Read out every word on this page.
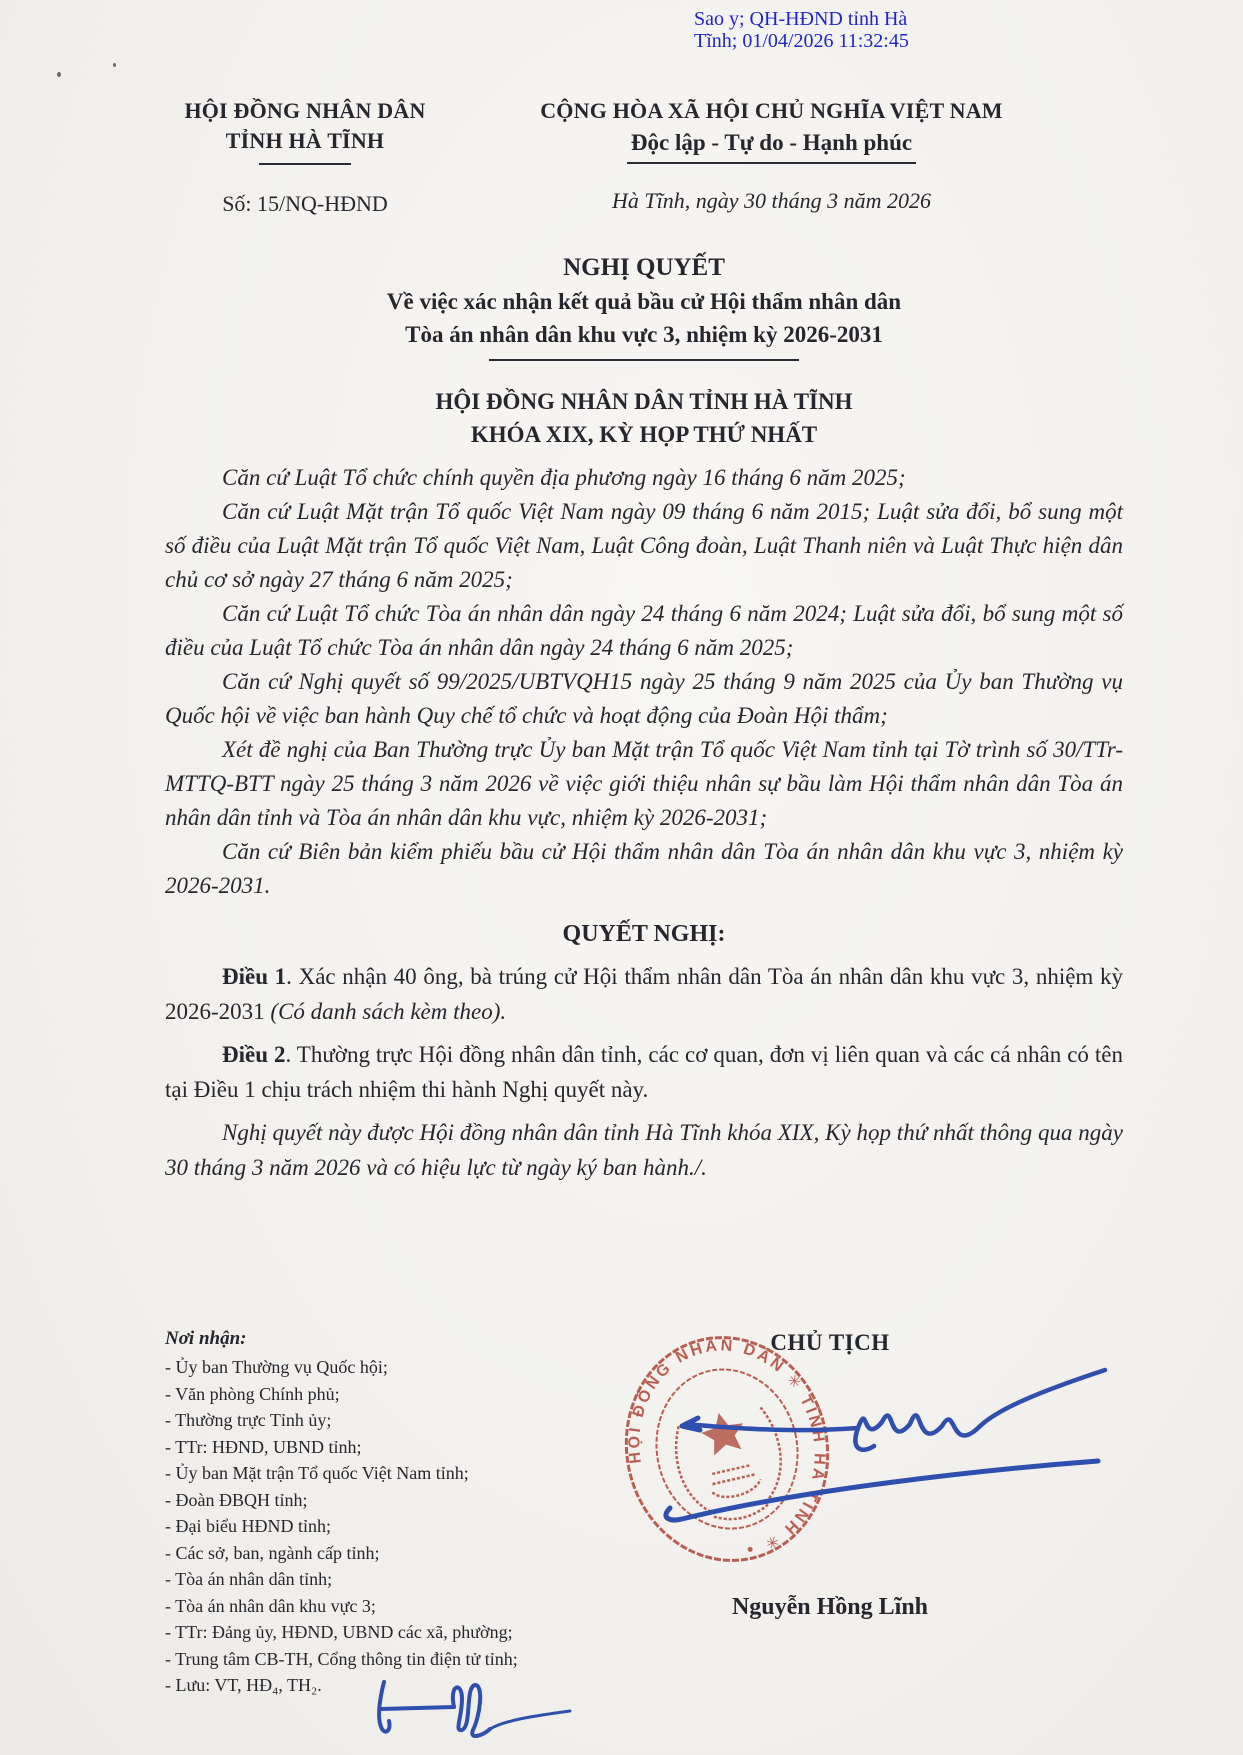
Sao y; QH-HĐND tỉnh Hà
Tĩnh; 01/04/2026 11:32:45
HỘI ĐỒNG NHÂN DÂN
TỈNH HÀ TĨNH
Số: 15/NQ-HĐND
CỘNG HÒA XÃ HỘI CHỦ NGHĨA VIỆT NAM
Độc lập - Tự do - Hạnh phúc
Hà Tĩnh, ngày 30 tháng 3 năm 2026
NGHỊ QUYẾT
Về việc xác nhận kết quả bầu cử Hội thẩm nhân dân
Tòa án nhân dân khu vực 3, nhiệm kỳ 2026-2031
HỘI ĐỒNG NHÂN DÂN TỈNH HÀ TĨNH
KHÓA XIX, KỲ HỌP THỨ NHẤT

Căn cứ Luật Tổ chức chính quyền địa phương ngày 16 tháng 6 năm 2025;

Căn cứ Luật Mặt trận Tổ quốc Việt Nam ngày 09 tháng 6 năm 2015; Luật sửa đổi, bổ sung một số điều của Luật Mặt trận Tổ quốc Việt Nam, Luật Công đoàn, Luật Thanh niên và Luật Thực hiện dân chủ cơ sở ngày 27 tháng 6 năm 2025;

Căn cứ Luật Tổ chức Tòa án nhân dân ngày 24 tháng 6 năm 2024; Luật sửa đổi, bổ sung một số điều của Luật Tổ chức Tòa án nhân dân ngày 24 tháng 6 năm 2025;

Căn cứ Nghị quyết số 99/2025/UBTVQH15 ngày 25 tháng 9 năm 2025 của Ủy ban Thường vụ Quốc hội về việc ban hành Quy chế tổ chức và hoạt động của Đoàn Hội thẩm;

Xét đề nghị của Ban Thường trực Ủy ban Mặt trận Tổ quốc Việt Nam tỉnh tại Tờ trình số 30/TTr-MTTQ-BTT ngày 25 tháng 3 năm 2026 về việc giới thiệu nhân sự bầu làm Hội thẩm nhân dân Tòa án nhân dân tỉnh và Tòa án nhân dân khu vực, nhiệm kỳ 2026-2031;

Căn cứ Biên bản kiểm phiếu bầu cử Hội thẩm nhân dân Tòa án nhân dân khu vực 3, nhiệm kỳ 2026-2031.

QUYẾT NGHỊ:

Điều 1. Xác nhận 40 ông, bà trúng cử Hội thẩm nhân dân Tòa án nhân dân khu vực 3, nhiệm kỳ 2026-2031 (Có danh sách kèm theo).

Điều 2. Thường trực Hội đồng nhân dân tỉnh, các cơ quan, đơn vị liên quan và các cá nhân có tên tại Điều 1 chịu trách nhiệm thi hành Nghị quyết này.

Nghị quyết này được Hội đồng nhân dân tỉnh Hà Tĩnh khóa XIX, Kỳ họp thứ nhất thông qua ngày 30 tháng 3 năm 2026 và có hiệu lực từ ngày ký ban hành./.

Nơi nhận:

- Ủy ban Thường vụ Quốc hội;
- Văn phòng Chính phủ;
- Thường trực Tỉnh ủy;
- TTr: HĐND, UBND tỉnh;
- Ủy ban Mặt trận Tổ quốc Việt Nam tỉnh;
- Đoàn ĐBQH tỉnh;
- Đại biểu HĐND tỉnh;
- Các sở, ban, ngành cấp tỉnh;
- Tòa án nhân dân tỉnh;
- Tòa án nhân dân khu vực 3;
- TTr: Đảng ủy, HĐND, UBND các xã, phường;
- Trung tâm CB-TH, Cổng thông tin điện tử tỉnh;
- Lưu: VT, HĐ₄, TH₂.
CHỦ TỊCH
HỘI ĐỒNG NHÂN DÂN ✳ TỈNH HÀ TĨNH ✳
Nguyễn Hồng Lĩnh
